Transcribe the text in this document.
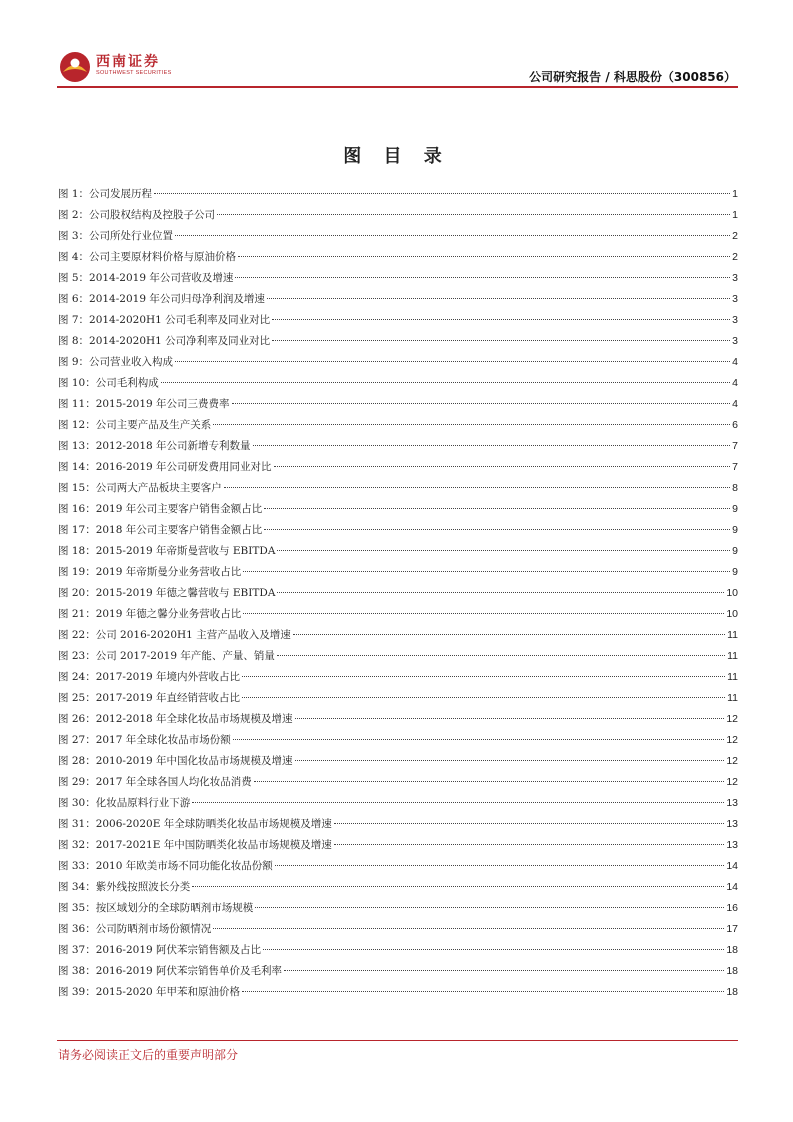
西南证券
SOUTHWEST SECURITIES	公司研究报告 / 科思股份（300856）
图 目 录
图 1：公司发展历程	1
图 2：公司股权结构及控股子公司	1
图 3：公司所处行业位置	2
图 4：公司主要原材料价格与原油价格	2
图 5：2014-2019 年公司营收及增速	3
图 6：2014-2019 年公司归母净利润及增速	3
图 7：2014-2020H1 公司毛利率及同业对比	3
图 8：2014-2020H1 公司净利率及同业对比	3
图 9：公司营业收入构成	4
图 10：公司毛利构成	4
图 11：2015-2019 年公司三费费率	4
图 12：公司主要产品及生产关系	6
图 13：2012-2018 年公司新增专利数量	7
图 14：2016-2019 年公司研发费用同业对比	7
图 15：公司两大产品板块主要客户	8
图 16：2019 年公司主要客户销售金额占比	9
图 17：2018 年公司主要客户销售金额占比	9
图 18：2015-2019 年帝斯曼营收与 EBITDA	9
图 19：2019 年帝斯曼分业务营收占比	9
图 20：2015-2019 年德之馨营收与 EBITDA	10
图 21：2019 年德之馨分业务营收占比	10
图 22：公司 2016-2020H1 主营产品收入及增速	11
图 23：公司 2017-2019 年产能、产量、销量	11
图 24：2017-2019 年境内外营收占比	11
图 25：2017-2019 年直经销营收占比	11
图 26：2012-2018 年全球化妆品市场规模及增速	12
图 27：2017 年全球化妆品市场份额	12
图 28：2010-2019 年中国化妆品市场规模及增速	12
图 29：2017 年全球各国人均化妆品消费	12
图 30：化妆品原料行业下游	13
图 31：2006-2020E 年全球防晒类化妆品市场规模及增速	13
图 32：2017-2021E 年中国防晒类化妆品市场规模及增速	13
图 33：2010 年欧美市场不同功能化妆品份额	14
图 34：紫外线按照波长分类	14
图 35：按区域划分的全球防晒剂市场规模	16
图 36：公司防晒剂市场份额情况	17
图 37：2016-2019 阿伏苯宗销售额及占比	18
图 38：2016-2019 阿伏苯宗销售单价及毛利率	18
图 39：2015-2020 年甲苯和原油价格	18
请务必阅读正文后的重要声明部分
